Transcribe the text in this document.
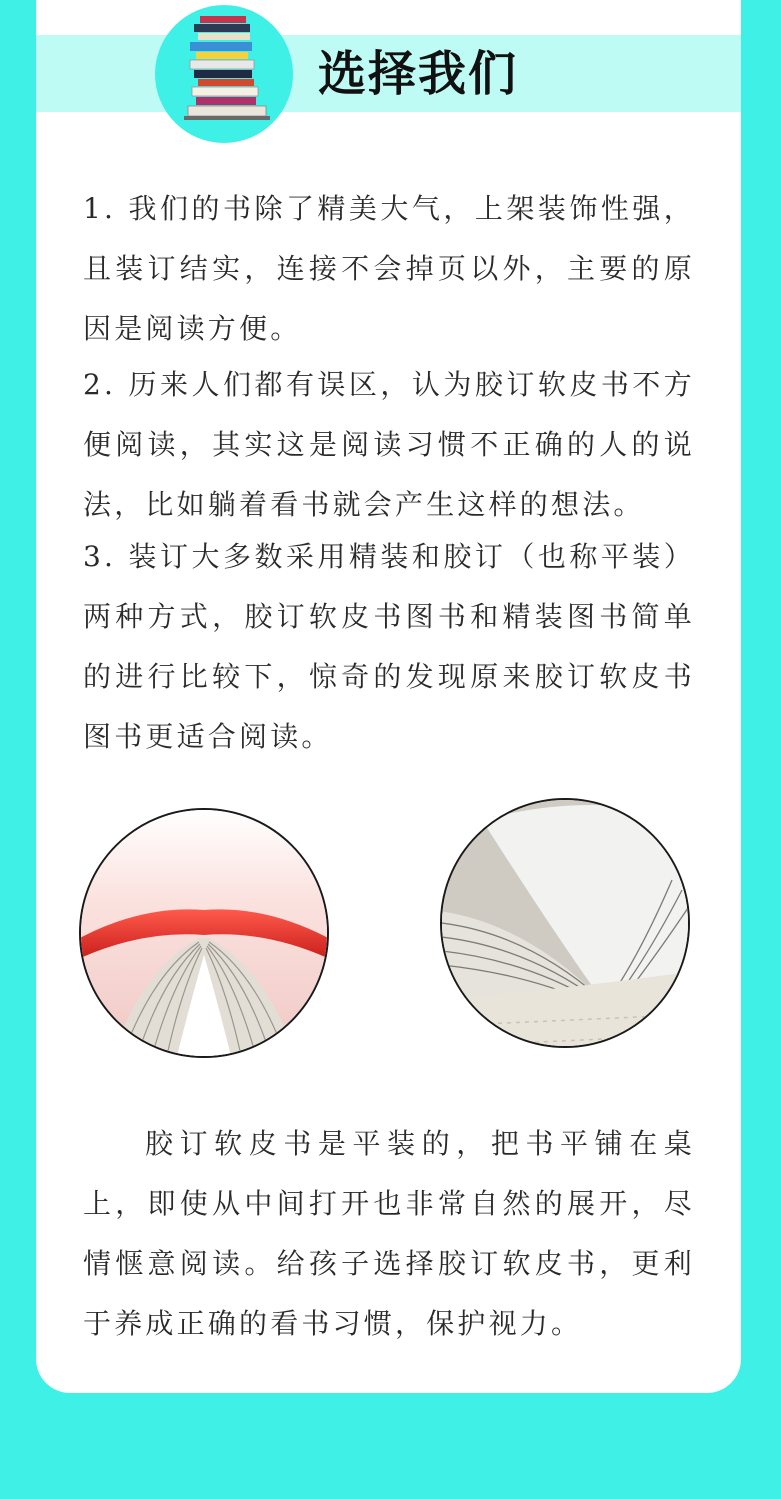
选择我们

1. 我们的书除了精美大气，上架装饰性强，且装订结实，连接不会掉页以外，主要的原因是阅读方便。

2. 历来人们都有误区，认为胶订软皮书不方便阅读，其实这是阅读习惯不正确的人的说法，比如躺着看书就会产生这样的想法。

3. 装订大多数采用精装和胶订（也称平装）两种方式，胶订软皮书图书和精装图书简单的进行比较下，惊奇的发现原来胶订软皮书图书更适合阅读。

胶订软皮书是平装的，把书平铺在桌上，即使从中间打开也非常自然的展开，尽情惬意阅读。给孩子选择胶订软皮书，更利于养成正确的看书习惯，保护视力。
